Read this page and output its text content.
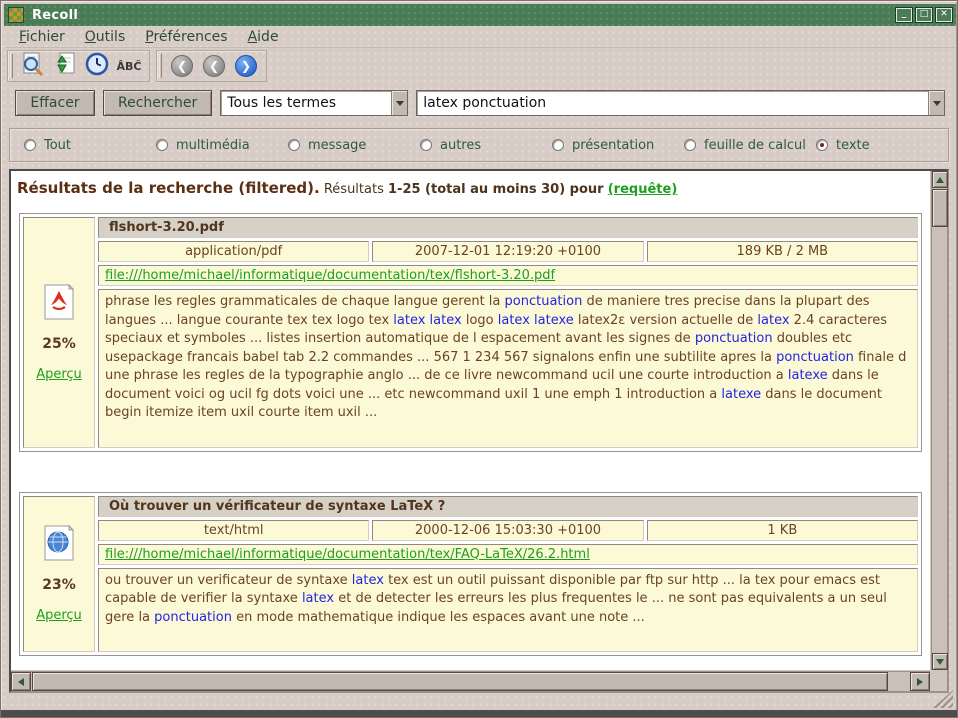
Recoll	_	□	✕
Fichier	Outils	Préférences	Aide
ÂBĈ	❮	❮	❯
Effacer	Rechercher	Tous les termes	latex ponctuation
Tout	multimédia	message	autres	présentation	feuille de calcul texte
Résultats de la recherche (filtered). Résultats 1-25 (total au moins 30) pour (requête)
25%
Aperçu
flshort-3.20.pdf
application/pdf	2007-12-01 12:19:20 +0100	189 KB / 2 MB
file:///home/michael/informatique/documentation/tex/flshort-3.20.pdf
phrase les regles grammaticales de chaque langue gerent la ponctuation de maniere tres precise dans la plupart des langues ... langue courante tex tex logo tex latex latex logo latex latexe latex2ε version actuelle de latex 2.4 caracteres speciaux et symboles ... listes insertion automatique de l espacement avant les signes de ponctuation doubles etc usepackage francais babel tab 2.2 commandes ... 567 1 234 567 signalons enfin une subtilite apres la ponctuation finale d une phrase les regles de la typographie anglo ... de ce livre newcommand ucil une courte introduction a latexe dans le document voici og ucil fg dots voici une ... etc newcommand uxil 1 une emph 1 introduction a latexe dans le document begin itemize item uxil courte item uxil ...
23%
Aperçu
Où trouver un vérificateur de syntaxe LaTeX ?
text/html	2000-12-06 15:03:30 +0100	1 KB
file:///home/michael/informatique/documentation/tex/FAQ-LaTeX/26.2.html
ou trouver un verificateur de syntaxe latex tex est un outil puissant disponible par ftp sur http ... la tex pour emacs est capable de verifier la syntaxe latex et de detecter les erreurs les plus frequentes le ... ne sont pas equivalents a un seul gere la ponctuation en mode mathematique indique les espaces avant une note ...
